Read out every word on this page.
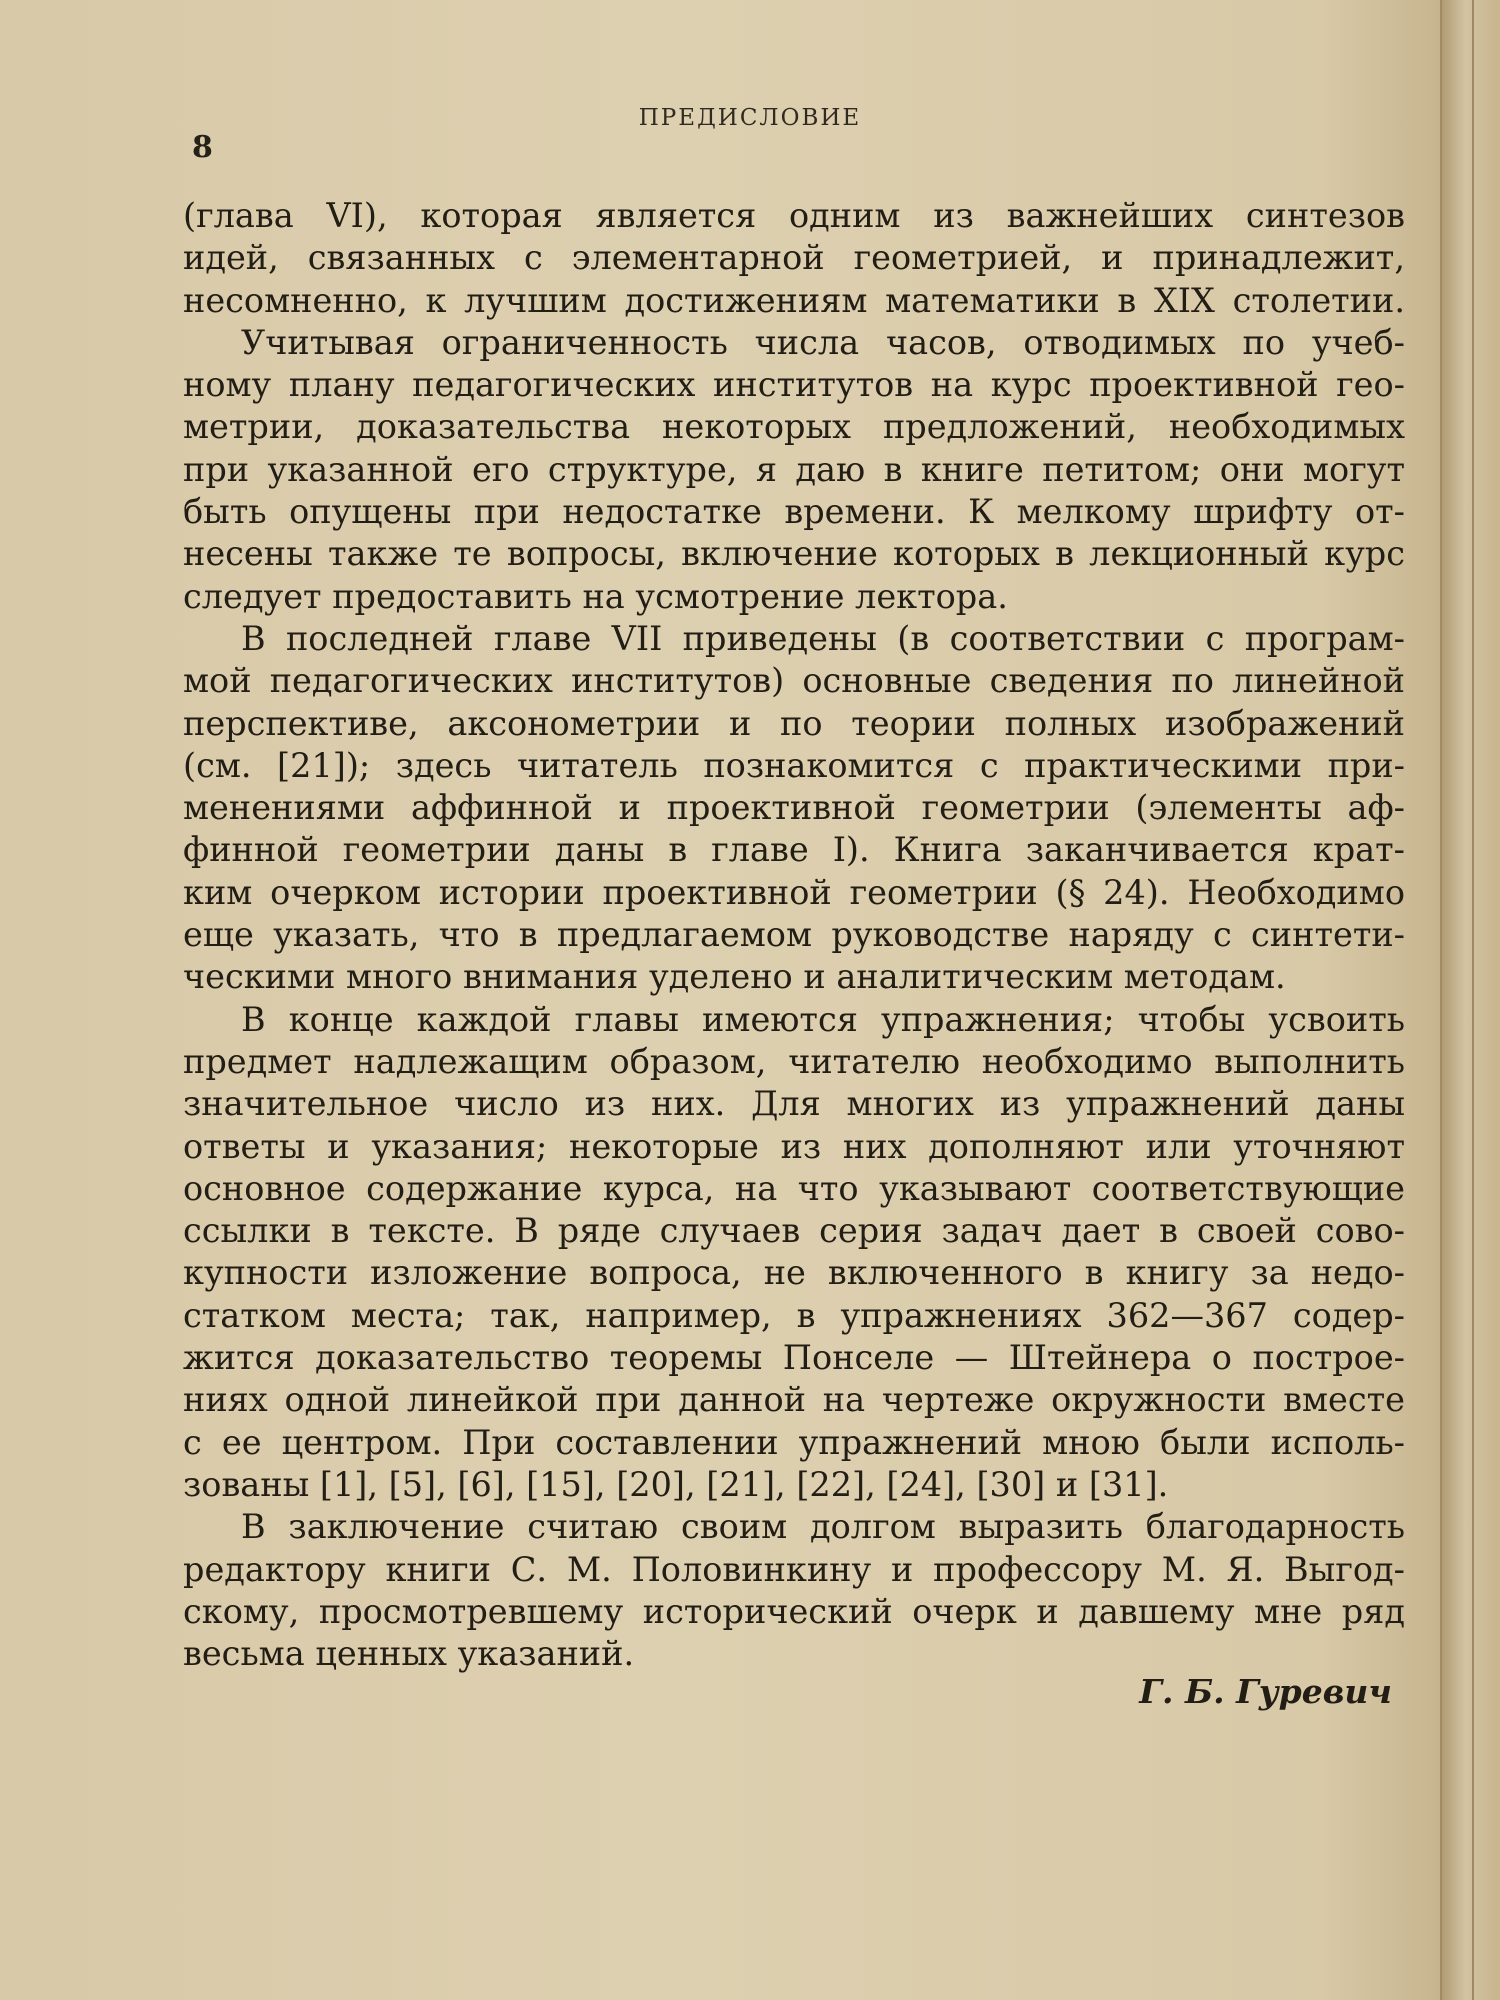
8
ПРЕДИСЛОВИЕ
(глава VI), которая является одним из важнейших синтезов
идей, связанных с элементарной геометрией, и принадлежит,
несомненно, к лучшим достижениям математики в XIX столетии.
Учитывая ограниченность числа часов, отводимых по учеб-
ному плану педагогических институтов на курс проективной гео-
метрии, доказательства некоторых предложений, необходимых
при указанной его структуре, я даю в книге петитом; они могут
быть опущены при недостатке времени. К мелкому шрифту от-
несены также те вопросы, включение которых в лекционный курс
следует предоставить на усмотрение лектора.
В последней главе VII приведены (в соответствии с програм-
мой педагогических институтов) основные сведения по линейной
перспективе, аксонометрии и по теории полных изображений
(см. [21]); здесь читатель познакомится с практическими при-
менениями аффинной и проективной геометрии (элементы аф-
финной геометрии даны в главе I). Книга заканчивается крат-
ким очерком истории проективной геометрии (§ 24). Необходимо
еще указать, что в предлагаемом руководстве наряду с синтети-
ческими много внимания уделено и аналитическим методам.
В конце каждой главы имеются упражнения; чтобы усвоить
предмет надлежащим образом, читателю необходимо выполнить
значительное число из них. Для многих из упражнений даны
ответы и указания; некоторые из них дополняют или уточняют
основное содержание курса, на что указывают соответствующие
ссылки в тексте. В ряде случаев серия задач дает в своей сово-
купности изложение вопроса, не включенного в книгу за недо-
статком места; так, например, в упражнениях 362—367 содер-
жится доказательство теоремы Понселе — Штейнера о построе-
ниях одной линейкой при данной на чертеже окружности вместе
с ее центром. При составлении упражнений мною были исполь-
зованы [1], [5], [6], [15], [20], [21], [22], [24], [30] и [31].
В заключение считаю своим долгом выразить благодарность
редактору книги С. М. Половинкину и профессору М. Я. Выгод-
скому, просмотревшему исторический очерк и давшему мне ряд
весьма ценных указаний.
Г. Б. Гуревич
